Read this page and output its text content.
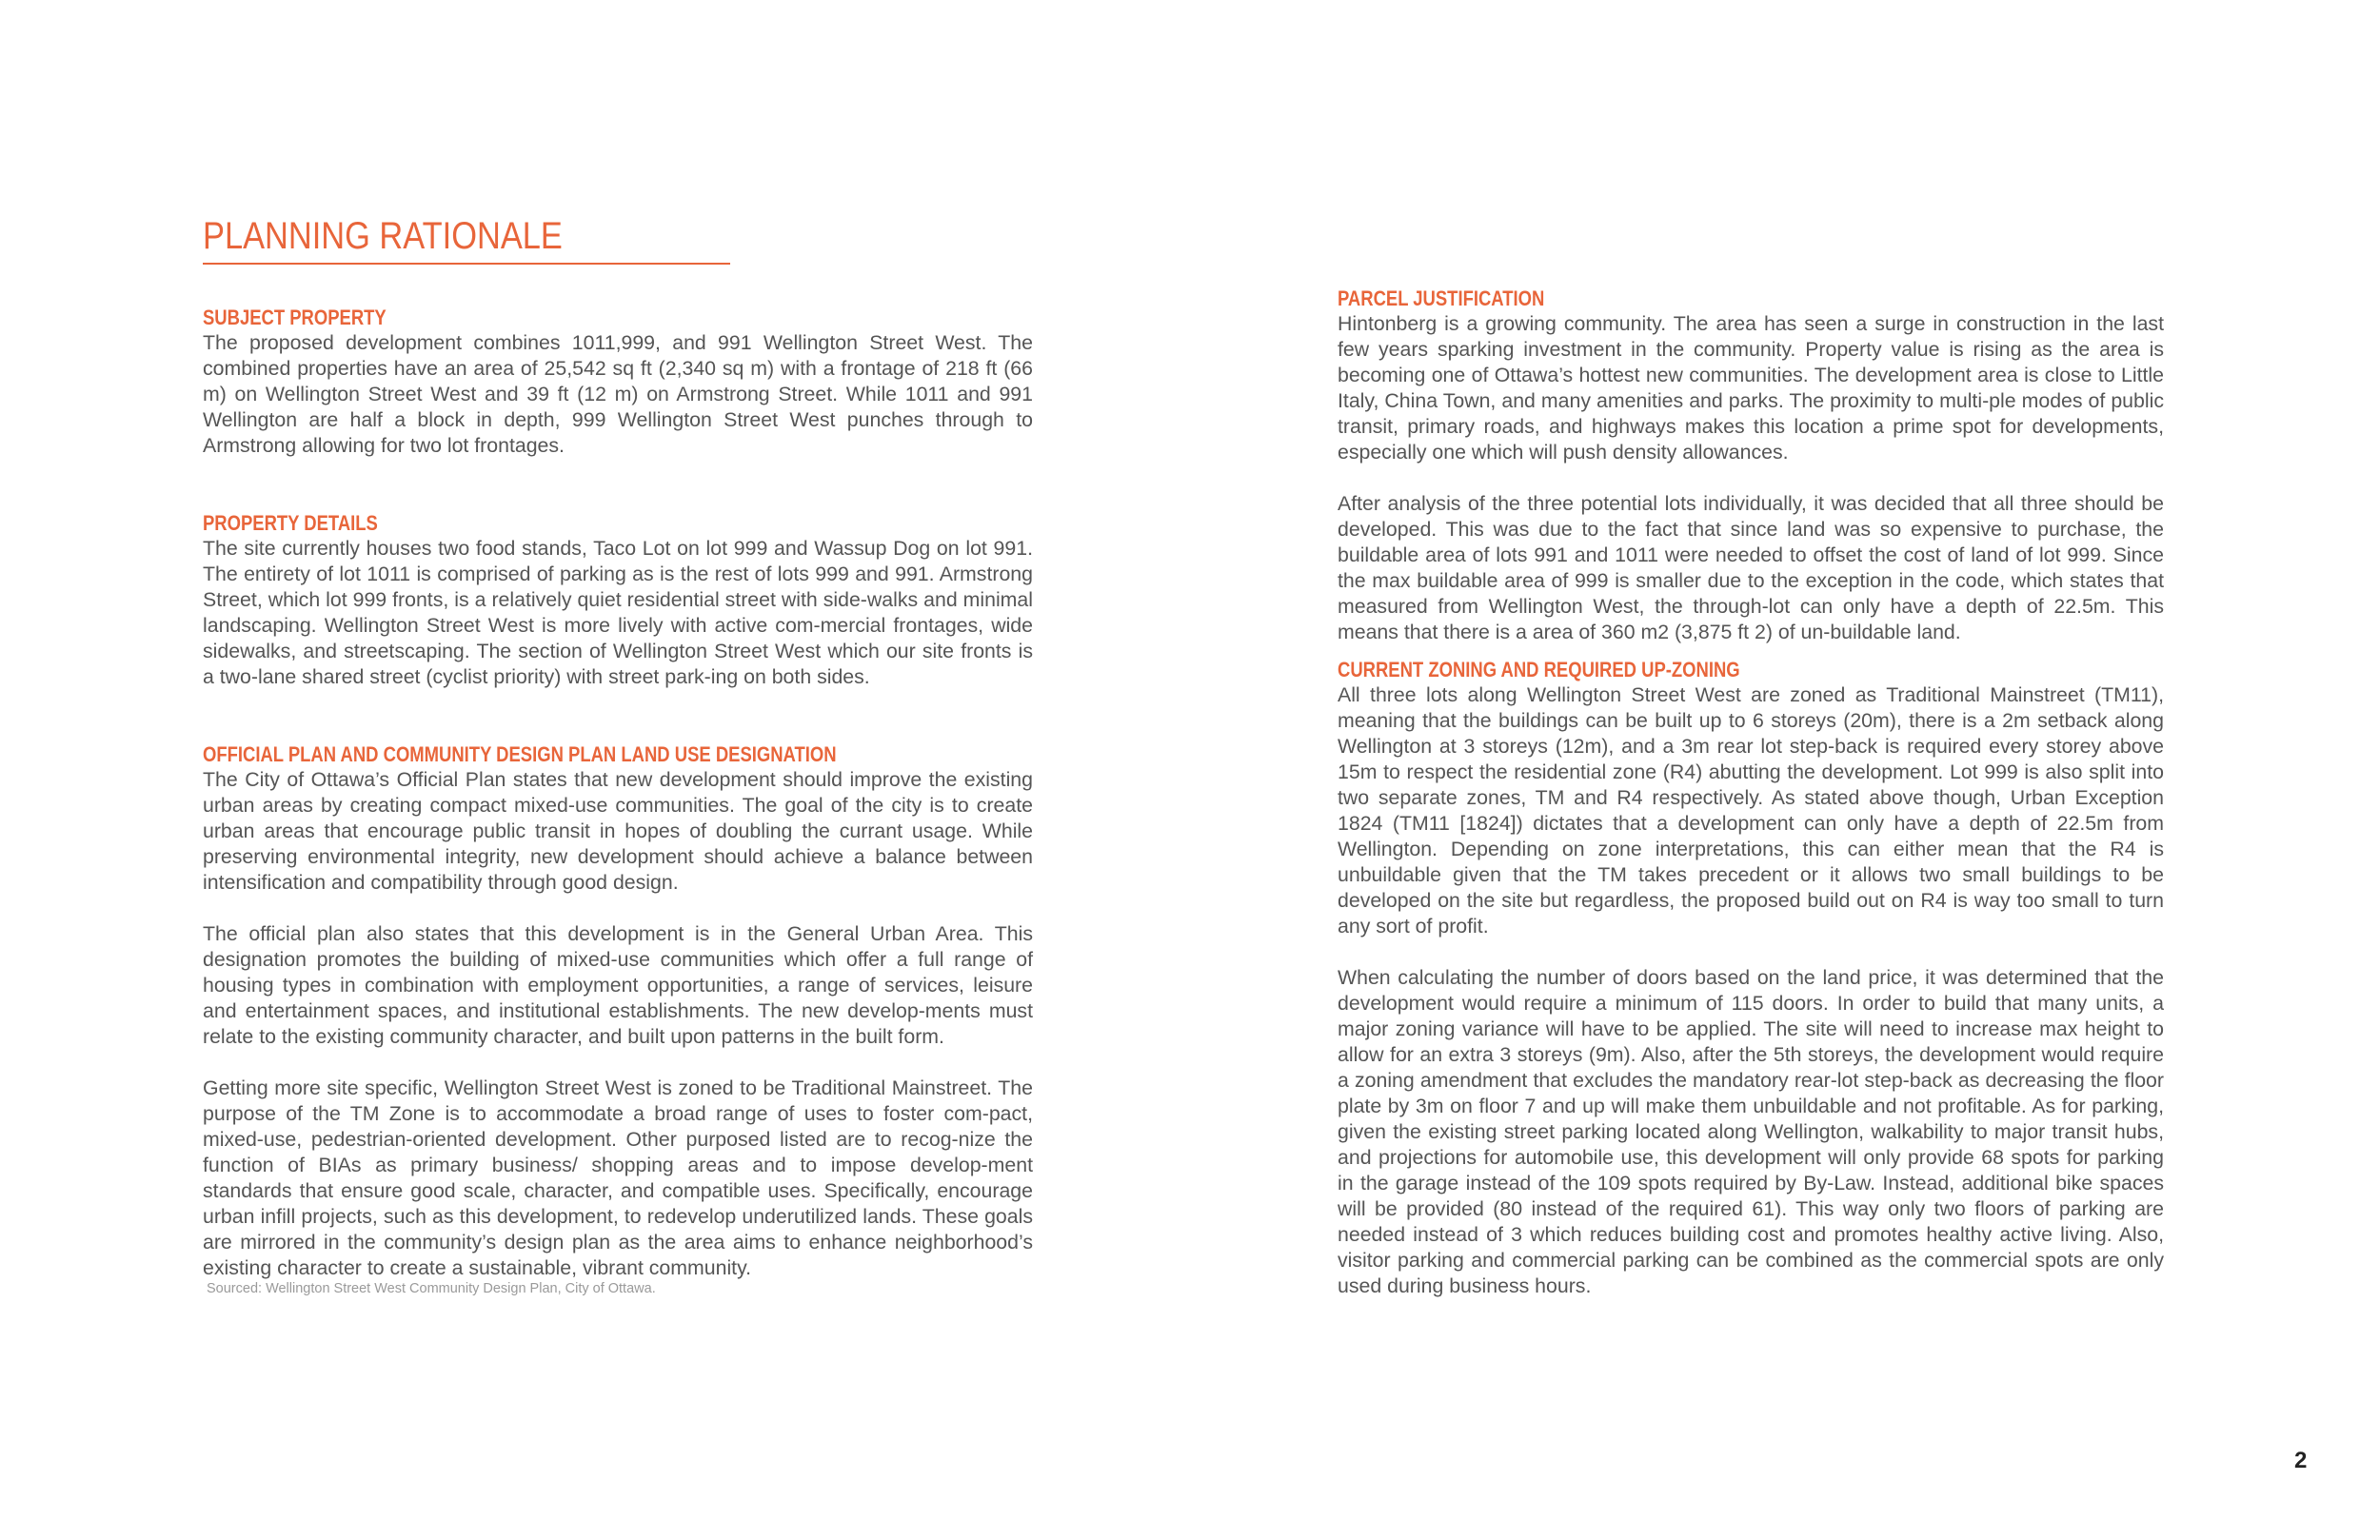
PLANNING RATIONALE
SUBJECT PROPERTY

The proposed development combines 1011,999, and 991 Wellington Street West. The combined properties have an area of 25,542 sq ft (2,340 sq m) with a frontage of 218 ft (66 m) on Wellington Street West and 39 ft (12 m) on Armstrong Street. While 1011 and 991 Wellington are half a block in depth, 999 Wellington Street West punches through to Armstrong allowing for two lot frontages.

PROPERTY DETAILS

The site currently houses two food stands, Taco Lot on lot 999 and Wassup Dog on lot 991. The entirety of lot 1011 is comprised of parking as is the rest of lots 999 and 991. Armstrong Street, which lot 999 fronts, is a relatively quiet residential street with side-walks and minimal landscaping. Wellington Street West is more lively with active com-mercial frontages, wide sidewalks, and streetscaping. The section of Wellington Street West which our site fronts is a two-lane shared street (cyclist priority) with street park-ing on both sides.

OFFICIAL PLAN AND COMMUNITY DESIGN PLAN LAND USE DESIGNATION

The City of Ottawa’s Official Plan states that new development should improve the existing urban areas by creating compact mixed-use communities. The goal of the city is to create urban areas that encourage public transit in hopes of doubling the currant usage. While preserving environmental integrity, new development should achieve a balance between intensification and compatibility through good design.

The official plan also states that this development is in the General Urban Area. This designation promotes the building of mixed-use communities which offer a full range of housing types in combination with employment opportunities, a range of services, leisure and entertainment spaces, and institutional establishments. The new develop-ments must relate to the existing community character, and built upon patterns in the built form.

Getting more site specific, Wellington Street West is zoned to be Traditional Mainstreet. The purpose of the TM Zone is to accommodate a broad range of uses to foster com-pact, mixed-use, pedestrian-oriented development. Other purposed listed are to recog-nize the function of BIAs as primary business/ shopping areas and to impose develop-ment standards that ensure good scale, character, and compatible uses. Specifically, encourage urban infill projects, such as this development, to redevelop underutilized lands. These goals are mirrored in the community’s design plan as the area aims to enhance neighborhood’s existing character to create a sustainable, vibrant community.

Sourced: Wellington Street West Community Design Plan, City of Ottawa.

PARCEL JUSTIFICATION

Hintonberg is a growing community. The area has seen a surge in construction in the last few years sparking investment in the community. Property value is rising as the area is becoming one of Ottawa’s hottest new communities. The development area is close to Little Italy, China Town, and many amenities and parks. The proximity to multi-ple modes of public transit, primary roads, and highways makes this location a prime spot for developments, especially one which will push density allowances.

After analysis of the three potential lots individually, it was decided that all three should be developed. This was due to the fact that since land was so expensive to purchase, the buildable area of lots 991 and 1011 were needed to offset the cost of land of lot 999. Since the max buildable area of 999 is smaller due to the exception in the code, which states that measured from Wellington West, the through-lot can only have a depth of 22.5m. This means that there is a area of 360 m2 (3,875 ft 2) of un-buildable land.

CURRENT ZONING AND REQUIRED UP-ZONING

All three lots along Wellington Street West are zoned as Traditional Mainstreet (TM11), meaning that the buildings can be built up to 6 storeys (20m), there is a 2m setback along Wellington at 3 storeys (12m), and a 3m rear lot step-back is required every storey above 15m to respect the residential zone (R4) abutting the development. Lot 999 is also split into two separate zones, TM and R4 respectively. As stated above though, Urban Exception 1824 (TM11 [1824]) dictates that a development can only have a depth of 22.5m from Wellington. Depending on zone interpretations, this can either mean that the R4 is unbuildable given that the TM takes precedent or it allows two small buildings to be developed on the site but regardless, the proposed build out on R4 is way too small to turn any sort of profit.

When calculating the number of doors based on the land price, it was determined that the development would require a minimum of 115 doors. In order to build that many units, a major zoning variance will have to be applied. The site will need to increase max height to allow for an extra 3 storeys (9m). Also, after the 5th storeys, the development would require a zoning amendment that excludes the mandatory rear-lot step-back as decreasing the floor plate by 3m on floor 7 and up will make them unbuildable and not profitable. As for parking, given the existing street parking located along Wellington, walkability to major transit hubs, and projections for automobile use, this development will only provide 68 spots for parking in the garage instead of the 109 spots required by By-Law. Instead, additional bike spaces will be provided (80 instead of the required 61). This way only two floors of parking are needed instead of 3 which reduces building cost and promotes healthy active living. Also, visitor parking and commercial parking can be combined as the commercial spots are only used during business hours.

2
